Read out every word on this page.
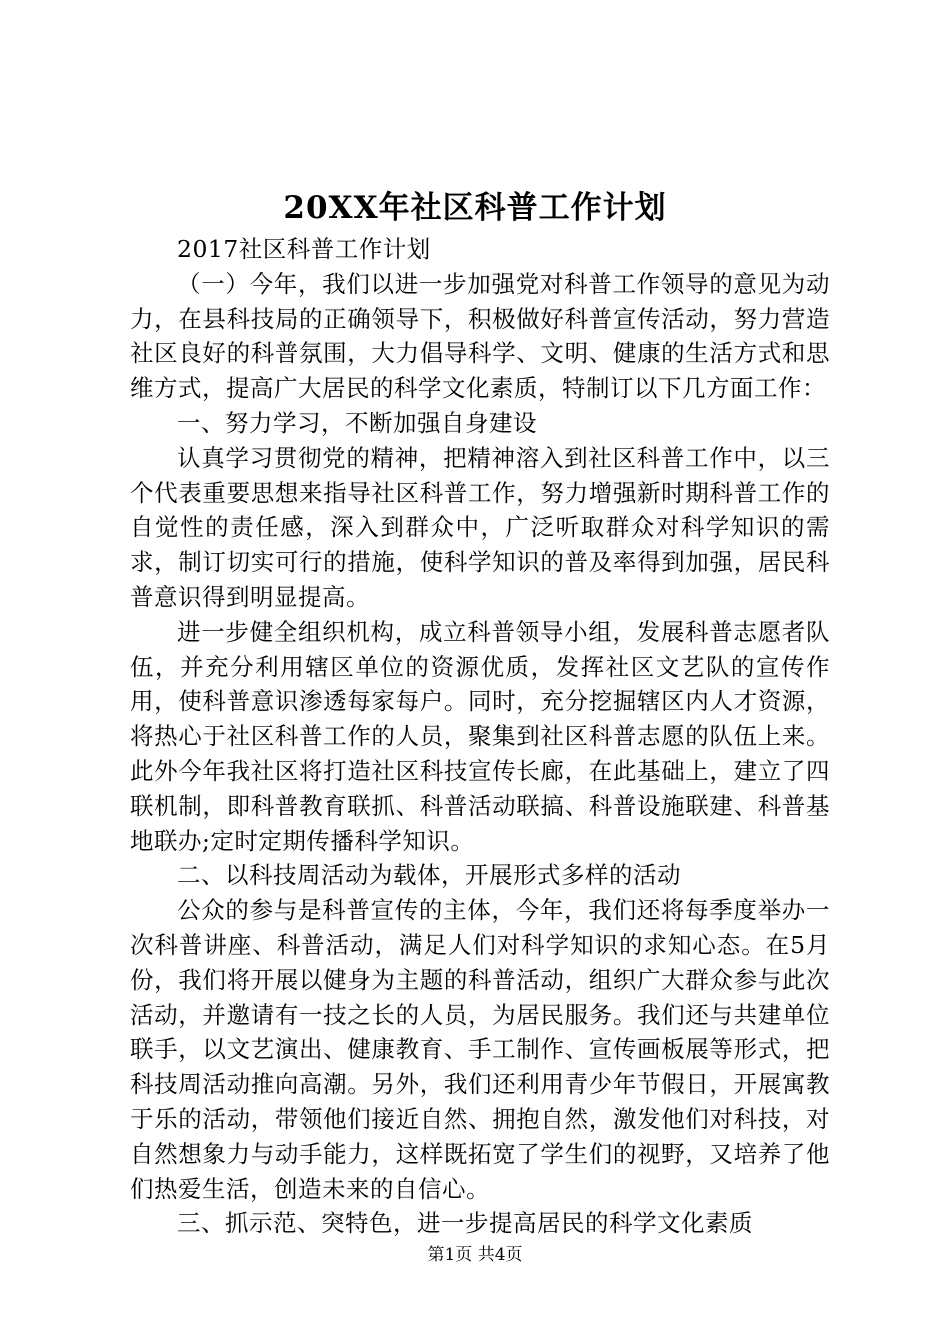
20XX年社区科普工作计划

2017社区科普工作计划

（一）今年，我们以进一步加强党对科普工作领导的意见为动力，在县科技局的正确领导下，积极做好科普宣传活动，努力营造社区良好的科普氛围，大力倡导科学、文明、健康的生活方式和思维方式，提高广大居民的科学文化素质，特制订以下几方面工作：

一、努力学习，不断加强自身建设

认真学习贯彻党的精神，把精神溶入到社区科普工作中，以三个代表重要思想来指导社区科普工作，努力增强新时期科普工作的自觉性的责任感，深入到群众中，广泛听取群众对科学知识的需求，制订切实可行的措施，使科学知识的普及率得到加强，居民科普意识得到明显提高。

进一步健全组织机构，成立科普领导小组，发展科普志愿者队伍，并充分利用辖区单位的资源优质，发挥社区文艺队的宣传作用，使科普意识渗透每家每户。同时，充分挖掘辖区内人才资源，将热心于社区科普工作的人员，聚集到社区科普志愿的队伍上来。此外今年我社区将打造社区科技宣传长廊，在此基础上，建立了四联机制，即科普教育联抓、科普活动联搞、科普设施联建、科普基地联办;定时定期传播科学知识。

二、以科技周活动为载体，开展形式多样的活动

公众的参与是科普宣传的主体，今年，我们还将每季度举办一次科普讲座、科普活动，满足人们对科学知识的求知心态。在5月份，我们将开展以健身为主题的科普活动，组织广大群众参与此次活动，并邀请有一技之长的人员，为居民服务。我们还与共建单位联手，以文艺演出、健康教育、手工制作、宣传画板展等形式，把科技周活动推向高潮。另外，我们还利用青少年节假日，开展寓教于乐的活动，带领他们接近自然、拥抱自然，激发他们对科技，对自然想象力与动手能力，这样既拓宽了学生们的视野，又培养了他们热爱生活，创造未来的自信心。

三、抓示范、突特色，进一步提高居民的科学文化素质

第1页 共4页
